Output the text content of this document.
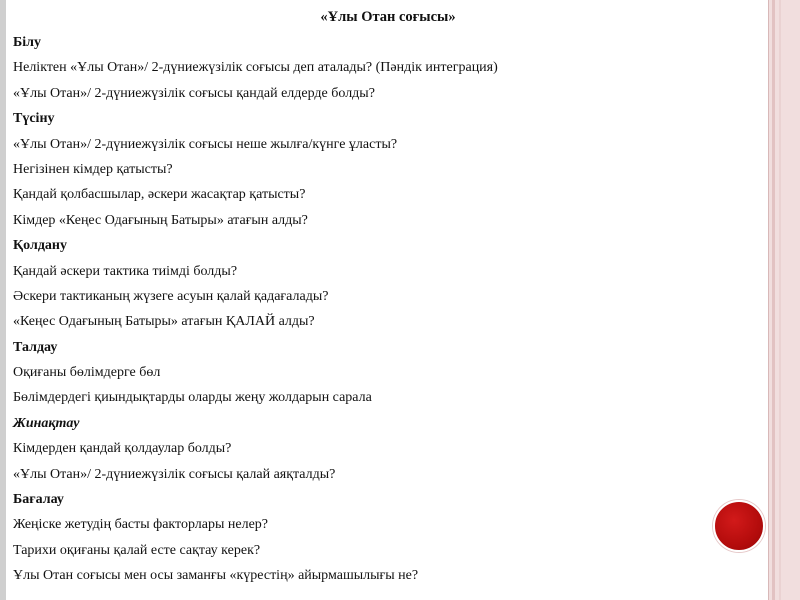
«Ұлы Отан соғысы»
Білу
Неліктен «Ұлы Отан»/ 2-дүниежүзілік соғысы деп аталады? (Пәндік интеграция)
«Ұлы Отан»/ 2-дүниежүзілік соғысы қандай елдерде болды?
Түсіну
«Ұлы Отан»/ 2-дүниежүзілік соғысы неше жылға/күнге ұласты?
Негізінен кімдер қатысты?
Қандай қолбасшылар, әскери жасақтар қатысты?
Кімдер «Кеңес Одағының Батыры» атағын алды?
Қолдану
Қандай әскери тактика тиімді болды?
Әскери тактиканың жүзеге асуын қалай қадағалады?
«Кеңес Одағының Батыры» атағын ҚАЛАЙ алды?
Талдау
Оқиғаны бөлімдерге бөл
Бөлімдердегі қиындықтарды оларды жеңу жолдарын сарала
Жинақтау
Кімдерден қандай қолдаулар болды?
«Ұлы Отан»/ 2-дүниежүзілік соғысы қалай аяқталды?
Бағалау
Жеңіске жетудің басты факторлары нелер?
Тарихи оқиғаны қалай есте сақтау керек?
Ұлы Отан соғысы мен осы заманғы «күрестің» айырмашылығы не?
